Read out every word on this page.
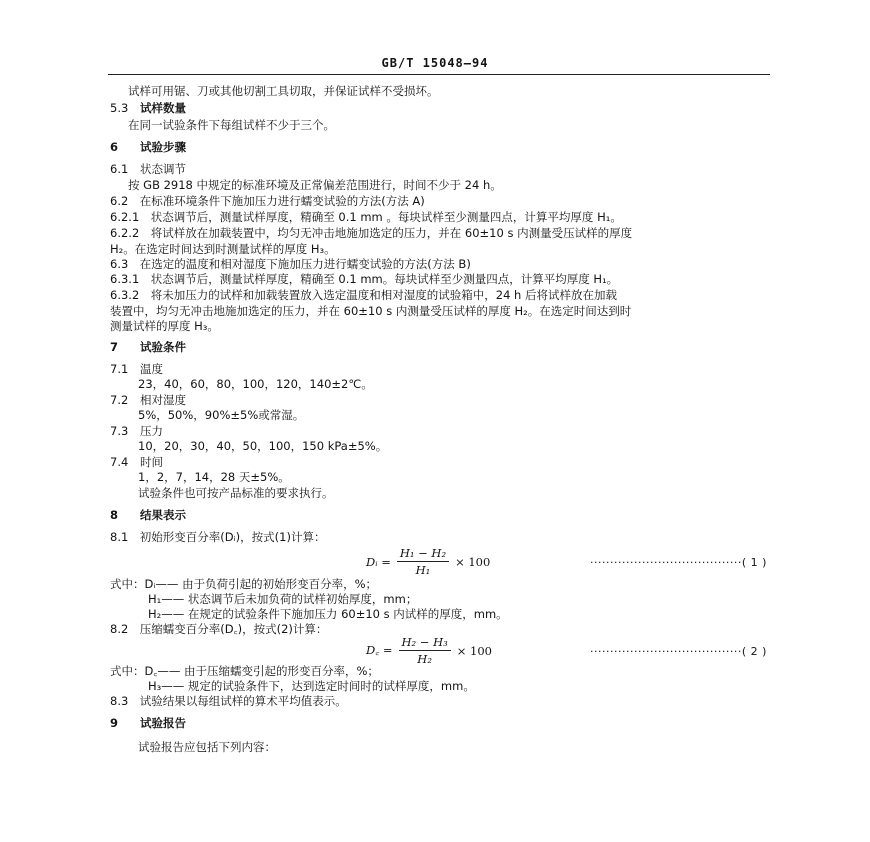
GB/T 15048—94
试样可用锯、刀或其他切割工具切取，并保证试样不受损坏。
5.3 试样数量
在同一试验条件下每组试样不少于三个。
6 试验步骤
6.1 状态调节
按 GB 2918 中规定的标准环境及正常偏差范围进行，时间不少于 24 h。
6.2　在标准环境条件下施加压力进行蠕变试验的方法(方法 A)
6.2.1　状态调节后，测量试样厚度，精确至 0.1 mm 。每块试样至少测量四点，计算平均厚度 H₁。
6.2.2　将试样放在加载装置中，均匀无冲击地施加选定的压力，并在 60±10 s 内测量受压试样的厚度
H₂。在选定时间达到时测量试样的厚度 H₃。
6.3　在选定的温度和相对湿度下施加压力进行蠕变试验的方法(方法 B)
6.3.1　状态调节后，测量试样厚度，精确至 0.1 mm。每块试样至少测量四点，计算平均厚度 H₁。
6.3.2　将未加压力的试样和加载装置放入选定温度和相对湿度的试验箱中，24 h 后将试样放在加载
装置中，均匀无冲击地施加选定的压力，并在 60±10 s 内测量受压试样的厚度 H₂。在选定时间达到时
测量试样的厚度 H₃。
7 试验条件
7.1 温度
23，40，60，80，100，120，140±2℃。
7.2 相对湿度
5%，50%，90%±5%或常湿。
7.3 压力
10，20，30，40，50，100，150 kPa±5%。
7.4 时间
1，2，7，14，28 天±5%。
试验条件也可按产品标准的要求执行。
8 结果表示
8.1　初始形变百分率(Dᵢ)，按式(1)计算：
Dᵢ = $\frac{\text{H₁ − H₂}}{\text{H₁}} \times 100$	······································( 1 )
式中：Dᵢ—— 由于负荷引起的初始形变百分率，%；
H₁—— 状态调节后未加负荷的试样初始厚度，mm；
H₂—— 在规定的试验条件下施加压力 60±10 s 内试样的厚度，mm。
8.2　压缩蠕变百分率(D꜀)，按式(2)计算：
D꜀ = $\frac{\text{H₂ − H₃}}{\text{H₂}} \times 100$	······································( 2 )
式中：D꜀—— 由于压缩蠕变引起的形变百分率，%；
H₃—— 规定的试验条件下，达到选定时间时的试样厚度，mm。
8.3　试验结果以每组试样的算术平均值表示。
9 试验报告
试验报告应包括下列内容：
